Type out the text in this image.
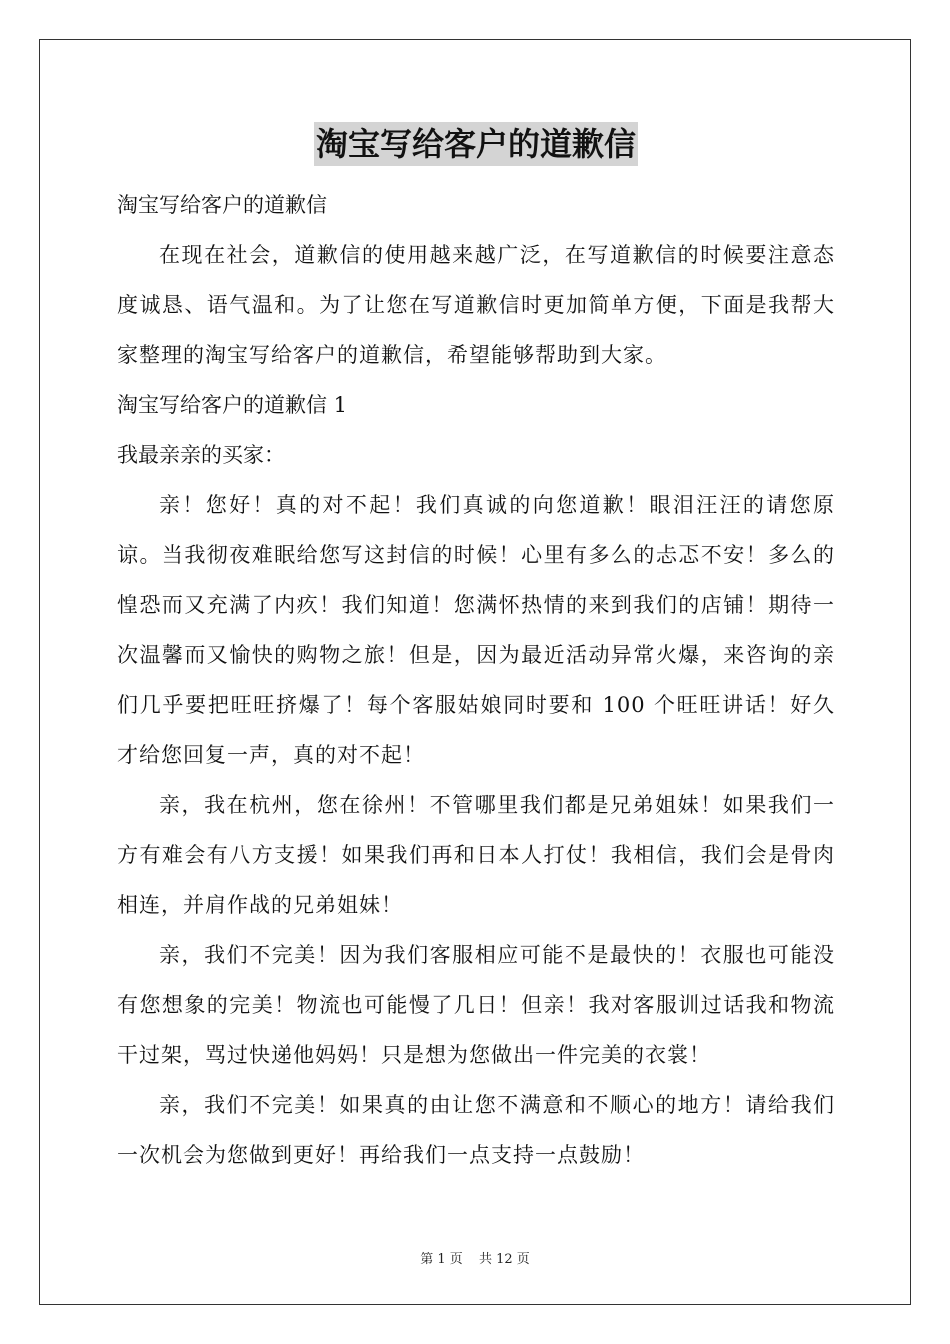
淘宝写给客户的道歉信

淘宝写给客户的道歉信

在现在社会，道歉信的使用越来越广泛，在写道歉信的时候要注意态度诚恳、语气温和。为了让您在写道歉信时更加简单方便，下面是我帮大家整理的淘宝写给客户的道歉信，希望能够帮助到大家。

淘宝写给客户的道歉信 1

我最亲亲的买家：

亲！您好！真的对不起！我们真诚的向您道歉！眼泪汪汪的请您原谅。当我彻夜难眠给您写这封信的时候！心里有多么的忐忑不安！多么的惶恐而又充满了内疚！我们知道！您满怀热情的来到我们的店铺！期待一次温馨而又愉快的购物之旅！但是，因为最近活动异常火爆，来咨询的亲们几乎要把旺旺挤爆了！每个客服姑娘同时要和 100 个旺旺讲话！好久才给您回复一声，真的对不起！

亲，我在杭州，您在徐州！不管哪里我们都是兄弟姐妹！如果我们一方有难会有八方支援！如果我们再和日本人打仗！我相信，我们会是骨肉相连，并肩作战的兄弟姐妹！

亲，我们不完美！因为我们客服相应可能不是最快的！衣服也可能没有您想象的完美！物流也可能慢了几日！但亲！我对客服训过话我和物流干过架，骂过快递他妈妈！只是想为您做出一件完美的衣裳！

亲，我们不完美！如果真的由让您不满意和不顺心的地方！请给我们一次机会为您做到更好！再给我们一点支持一点鼓励！

第 1 页 共 12 页
